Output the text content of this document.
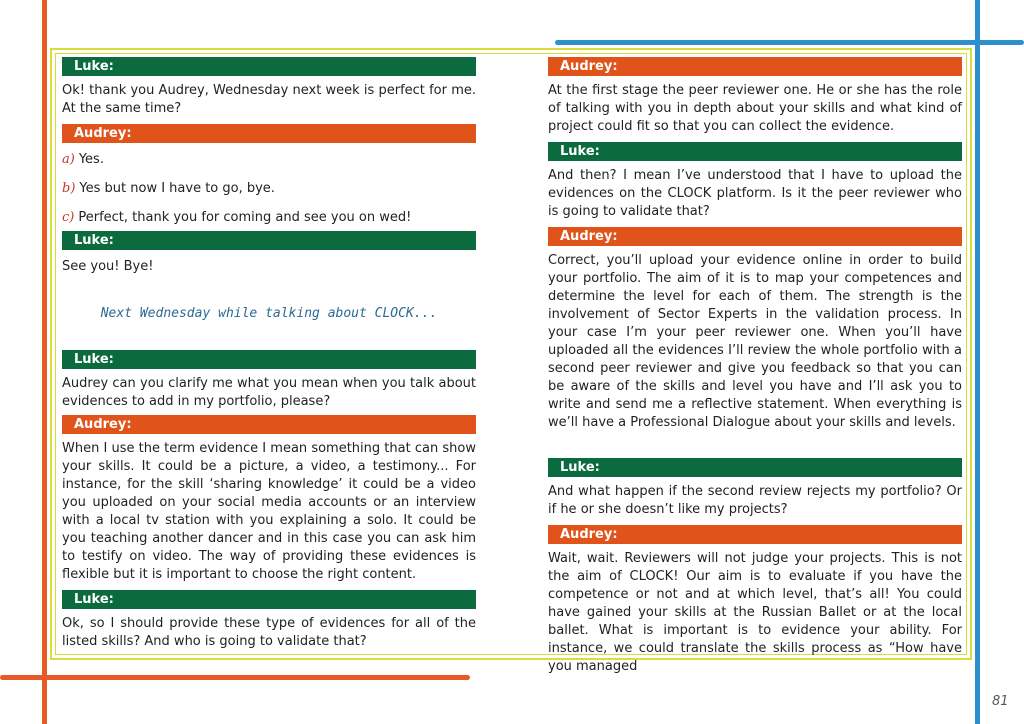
Luke:

Ok! thank you Audrey, Wednesday next week is perfect for me. At the same time?

Audrey:

a) Yes.

b) Yes but now I have to go, bye.

c) Perfect, thank you for coming and see you on wed!

Luke:

See you! Bye!

Next Wednesday while talking about CLOCK...

Luke:

Audrey can you clarify me what you mean when you talk about evidences to add in my portfolio, please?

Audrey:

When I use the term evidence I mean something that can show your skills. It could be a picture, a video, a testimony... For instance, for the skill ‘sharing knowledge’ it could be a video you uploaded on your social media accounts or an interview with a local tv station with you explaining a solo. It could be you teaching another dancer and in this case you can ask him to testify on video. The way of providing these evidences is flexible but it is important to choose the right content.

Luke:

Ok, so I should provide these type of evidences for all of the listed skills? And who is going to validate that?

Audrey:

At the first stage the peer reviewer one. He or she has the role of talking with you in depth about your skills and what kind of project could fit so that you can collect the evidence.

Luke:

And then? I mean I’ve understood that I have to upload the evidences on the CLOCK platform. Is it the peer reviewer who is going to validate that?

Audrey:

Correct, you’ll upload your evidence online in order to build your portfolio. The aim of it is to map your competences and determine the level for each of them. The strength is the involvement of Sector Experts in the validation process. In your case I’m your peer reviewer one. When you’ll have uploaded all the evidences I’ll review the whole portfolio with a second peer reviewer and give you feedback so that you can be aware of the skills and level you have and I’ll ask you to write and send me a reflective statement. When everything is we’ll have a Professional Dialogue about your skills and levels.

Luke:

And what happen if the second review rejects my portfolio? Or if he or she doesn’t like my projects?

Audrey:

Wait, wait. Reviewers will not judge your projects. This is not the aim of CLOCK! Our aim is to evaluate if you have the competence or not and at which level, that’s all! You could have gained your skills at the Russian Ballet or at the local ballet. What is important is to evidence your ability. For instance, we could translate the skills process as “How have you managed

81
